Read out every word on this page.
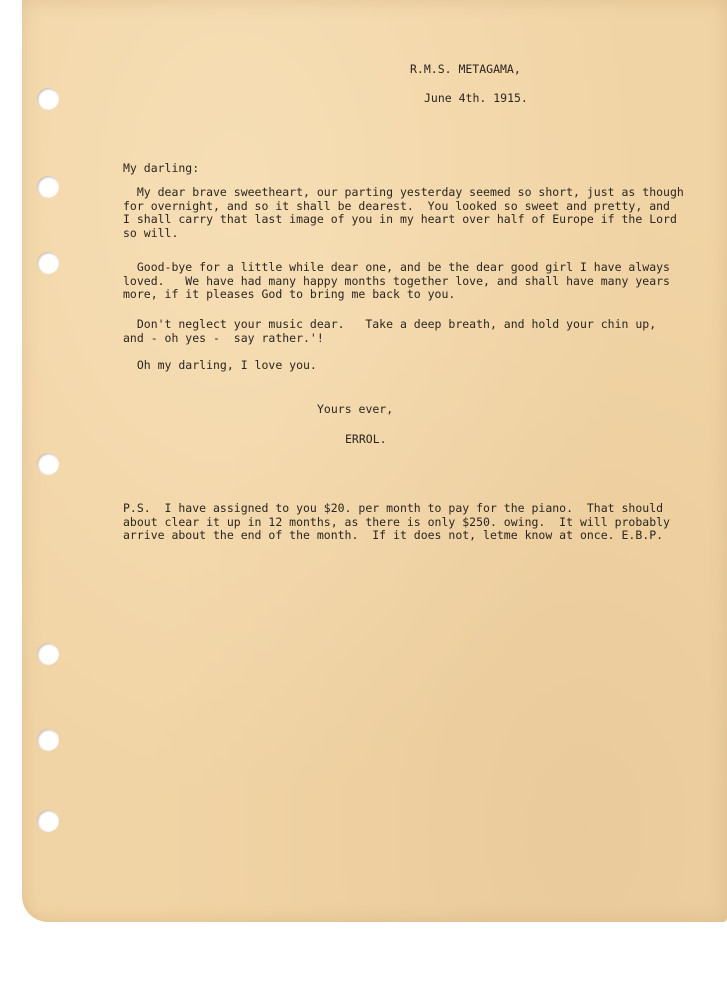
R.M.S. METAGAMA,
June 4th. 1915.
My darling:
My dear brave sweetheart, our parting yesterday seemed so short, just as though
for overnight, and so it shall be dearest.  You looked so sweet and pretty, and
I shall carry that last image of you in my heart over half of Europe if the Lord
so will.
Good-bye for a little while dear one, and be the dear good girl I have always
loved.   We have had many happy months together love, and shall have many years
more, if it pleases God to bring me back to you.
Don't neglect your music dear.   Take a deep breath, and hold your chin up,
and - oh yes -  say rather.'!
Oh my darling, I love you.
Yours ever,
ERROL.
P.S.  I have assigned to you $20. per month to pay for the piano.  That should
about clear it up in 12 months, as there is only $250. owing.  It will probably
arrive about the end of the month.  If it does not, letme know at once. E.B.P.
